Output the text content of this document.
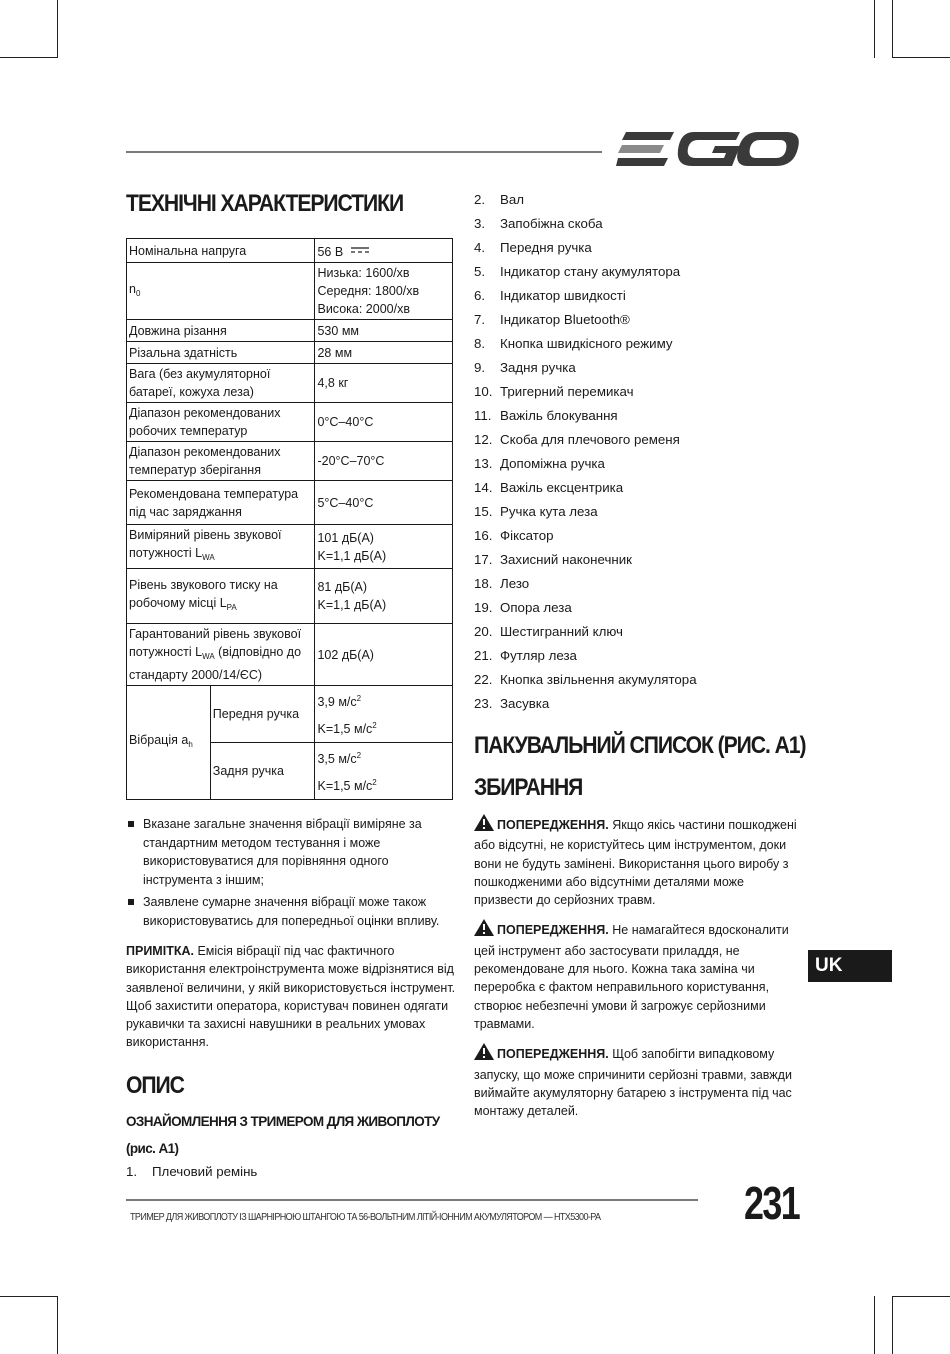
ТЕХНІЧНІ ХАРАКТЕРИСТИКИ
Номінальна напруга		56 В
$n_0$		Низька: 1600/хв
Середня: 1800/хв
Висока: 2000/хв

Довжина різання		530 мм
Різальна здатність		28 мм
Вага (без акумуляторної батареї, кожуха леза)		4,8 кг
Діапазон рекомендованих робочих температур		0°C–40°C
Діапазон рекомендованих температур зберігання		-20°C–70°C
Рекомендована температура під час заряджання		5°C–40°C
Виміряний рівень звукової потужності $L_{WA}$		101 дБ(A)
K=1,1 дБ(A)

Рівень звукового тиску на робочому місці $L_{PA}$		81 дБ(A)
K=1,1 дБ(A)

Гарантований рівень звукової потужності $L_{WA}$ (відповідно до стандарту 2000/14/ЄС)		102 дБ(A)
Вібрація $a_h$	Передня ручка	3,9 $м/с^2$
K=1,5 $м/с^2$

	Задня ручка	3,5 $м/с^2$
K=1,5 $м/с^2$

Вказане загальне значення вібрації виміряне за стандартним методом тестування і може використовуватися для порівняння одного інструмента з іншим;

Заявлене сумарне значення вібрації може також використовуватись для попередньої оцінки впливу.

ПРИМІТКА. Емісія вібрації під час фактичного використання електроінструмента може відрізнятися від заявленої величини, у якій використовується інструмент. Щоб захистити оператора, користувач повинен одягати рукавички та захисні навушники в реальних умовах використання.

ОПИС
ОЗНАЙОМЛЕННЯ З ТРИМЕРОМ ДЛЯ ЖИВОПЛОТУ
(рис. A1)
1. Плечовий ремінь
2. Вал
3. Запобіжна скоба
4. Передня ручка
5. Індикатор стану акумулятора
6. Індикатор швидкості
7. Індикатор Bluetooth®
8. Кнопка швидкісного режиму
9. Задня ручка
10. Тригерний перемикач
11. Важіль блокування
12. Скоба для плечового ременя
13. Допоміжна ручка
14. Важіль ексцентрика
15. Ручка кута леза
16. Фіксатор
17. Захисний наконечник
18. Лезо
19. Опора леза
20. Шестигранний ключ
21. Футляр леза
22. Кнопка звільнення акумулятора
23. Засувка
ПАКУВАЛЬНИЙ СПИСОК (РИС. A1)
ЗБИРАННЯ

ПОПЕРЕДЖЕННЯ. Якщо якісь частини пошкоджені або відсутні, не користуйтесь цим інструментом, доки вони не будуть замінені. Використання цього виробу з пошкодженими або відсутніми деталями може призвести до серйозних травм.

ПОПЕРЕДЖЕННЯ. Не намагайтеся вдосконалити цей інструмент або застосувати приладдя, не рекомендоване для нього. Кожна така заміна чи переробка є фактом неправильного користування, створює небезпечні умови й загрожує серйозними травмами.

ПОПЕРЕДЖЕННЯ. Щоб запобігти випадковому запуску, що може спричинити серйозні травми, завжди виймайте акумуляторну батарею з інструмента під час монтажу деталей.

UK
ТРИМЕР ДЛЯ ЖИВОПЛОТУ ІЗ ШАРНІРНОЮ ШТАНГОЮ ТА 56-ВОЛЬТНИМ ЛІТІЙ-ІОННИМ АКУМУЛЯТОРОМ — HTX5300-PA	231
